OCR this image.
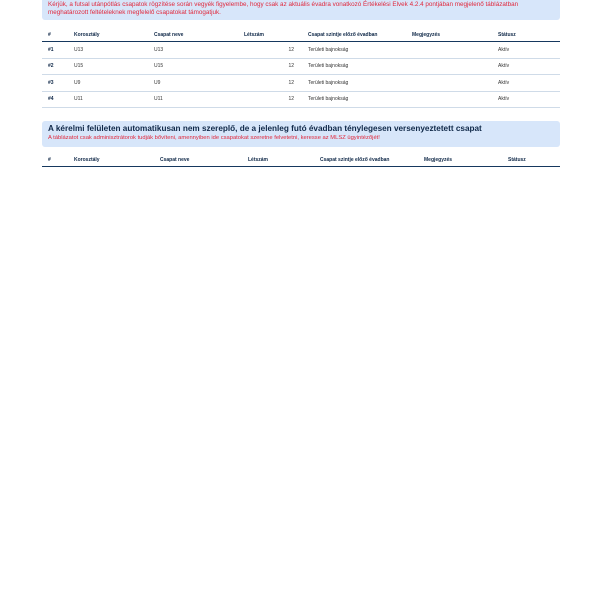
Kérjük, a futsal utánpótlás csapatok rögzítése során vegyék figyelembe, hogy csak az aktuális évadra vonatkozó Értékelési Elvek 4.2.4 pontjában megjelenő táblázatban meghatározott feltételeknek megfelelő csapatokat támogatjuk.
#	Korosztály	Csapat neve	Létszám	Csapat szintje előző évadban	Megjegyzés	Státusz
#1	U13	U13	12	Területi bajnokság		Aktív
#2	U15	U15	12	Területi bajnokság		Aktív
#3	U9	U9	12	Területi bajnokság		Aktív
#4	U11	U11	12	Területi bajnokság		Aktív
A kérelmi felületen automatikusan nem szereplő, de a jelenleg futó évadban ténylegesen versenyeztetett csapat
A táblázatot csak adminisztrátorok tudják bővíteni, amennyiben ide csapatokat szeretne felvetetni, keresse az MLSZ ügyintézőjét!
#	Korosztály	Csapat neve	Létszám	Csapat szintje előző évadban	Megjegyzés	Státusz
